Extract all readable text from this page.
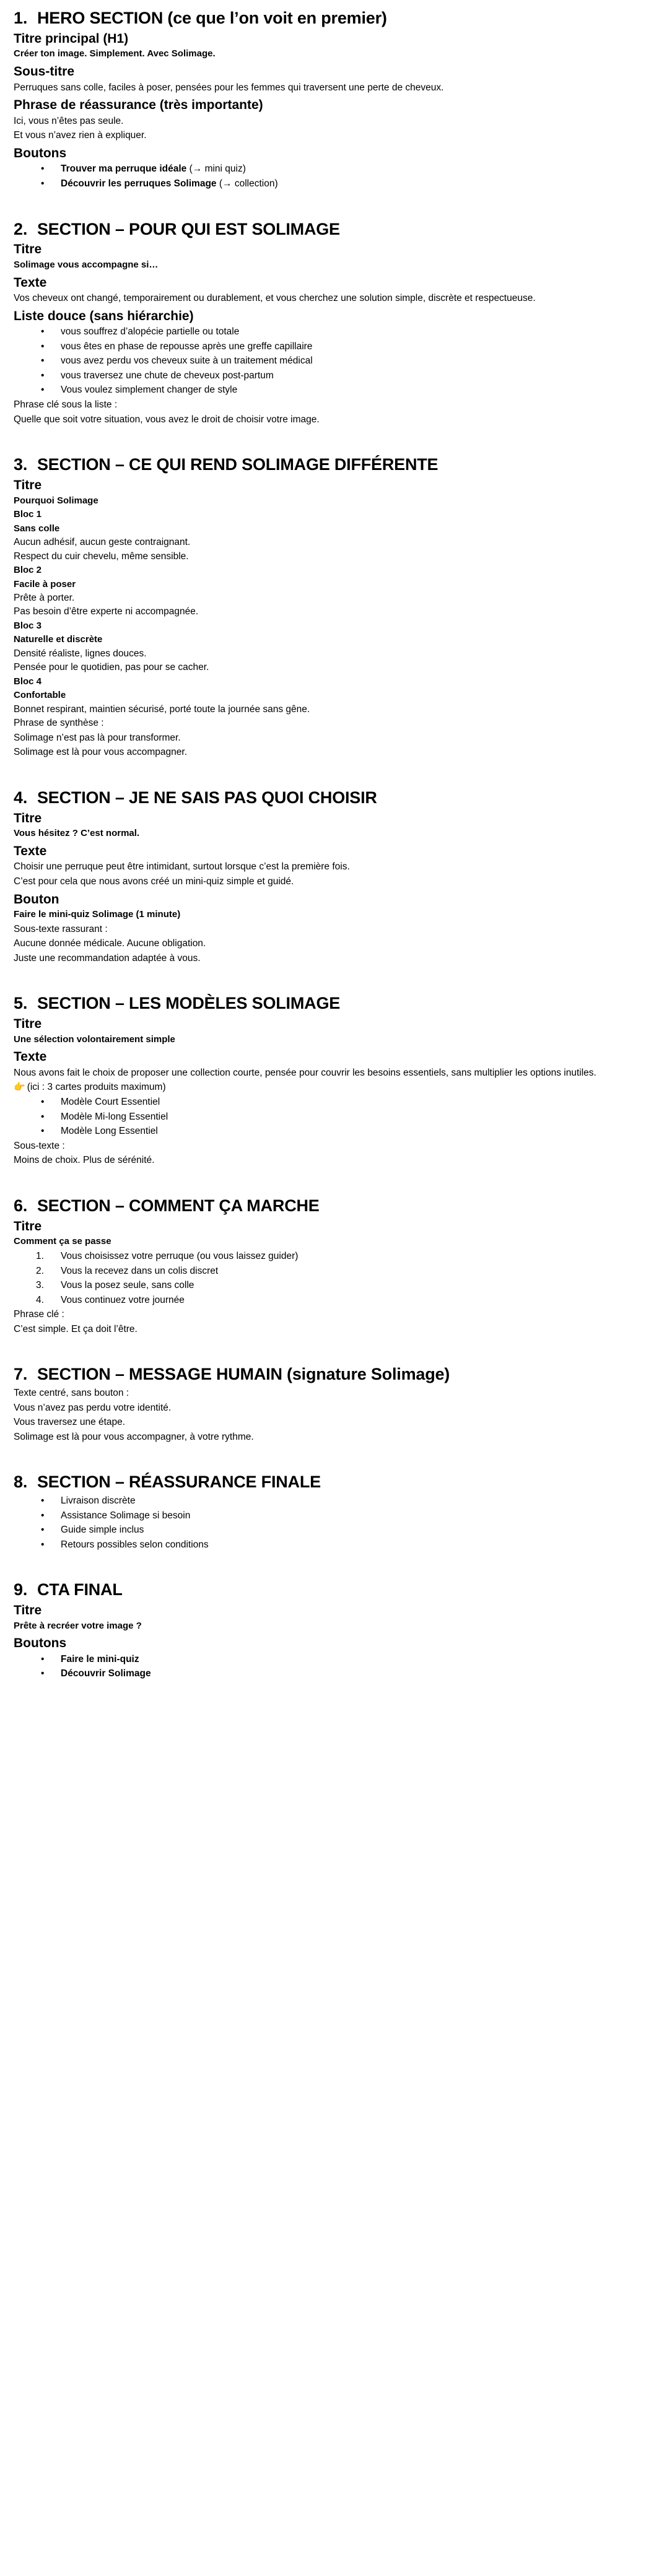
1. HERO SECTION (ce que l’on voit en premier)
Titre principal (H1)
Créer ton image. Simplement. Avec Solimage.
Sous-titre

Perruques sans colle, faciles à poser, pensées pour les femmes qui traversent une perte de cheveux.

Phrase de réassurance (très importante)

Ici, vous n’êtes pas seule.

Et vous n’avez rien à expliquer.

Boutons
•	Trouver ma perruque idéale (→ mini quiz)
•	Découvrir les perruques Solimage (→ collection)
2. SECTION – POUR QUI EST SOLIMAGE
Titre
Solimage vous accompagne si…
Texte

Vos cheveux ont changé, temporairement ou durablement, et vous cherchez une solution simple, discrète et respectueuse.

Liste douce (sans hiérarchie)
•	vous souffrez d’alopécie partielle ou totale
•	vous êtes en phase de repousse après une greffe capillaire
•	vous avez perdu vos cheveux suite à un traitement médical
•	vous traversez une chute de cheveux post-partum
•	Vous voulez simplement changer de style

Phrase clé sous la liste :

Quelle que soit votre situation, vous avez le droit de choisir votre image.

3. SECTION – CE QUI REND SOLIMAGE DIFFÉRENTE
Titre
Pourquoi Solimage
Bloc 1
Sans colle

Aucun adhésif, aucun geste contraignant.

Respect du cuir chevelu, même sensible.

Bloc 2
Facile à poser

Prête à porter.

Pas besoin d’être experte ni accompagnée.

Bloc 3
Naturelle et discrète

Densité réaliste, lignes douces.

Pensée pour le quotidien, pas pour se cacher.

Bloc 4
Confortable

Bonnet respirant, maintien sécurisé, porté toute la journée sans gêne.

Phrase de synthèse :

Solimage n’est pas là pour transformer.

Solimage est là pour vous accompagner.

4. SECTION – JE NE SAIS PAS QUOI CHOISIR
Titre
Vous hésitez ? C’est normal.
Texte

Choisir une perruque peut être intimidant, surtout lorsque c’est la première fois.

C’est pour cela que nous avons créé un mini-quiz simple et guidé.

Bouton
Faire le mini-quiz Solimage (1 minute)

Sous-texte rassurant :

Aucune donnée médicale. Aucune obligation.

Juste une recommandation adaptée à vous.

5. SECTION – LES MODÈLES SOLIMAGE
Titre
Une sélection volontairement simple
Texte

Nous avons fait le choix de proposer une collection courte, pensée pour couvrir les besoins essentiels, sans multiplier les options inutiles.

👉 (ici : 3 cartes produits maximum)
•	Modèle Court Essentiel
•	Modèle Mi-long Essentiel
•	Modèle Long Essentiel

Sous-texte :

Moins de choix. Plus de sérénité.

6. SECTION – COMMENT ÇA MARCHE
Titre
Comment ça se passe
1.	Vous choisissez votre perruque (ou vous laissez guider)
2.	Vous la recevez dans un colis discret
3.	Vous la posez seule, sans colle
4.	Vous continuez votre journée

Phrase clé :

C’est simple. Et ça doit l’être.

7. SECTION – MESSAGE HUMAIN (signature Solimage)

Texte centré, sans bouton :

Vous n’avez pas perdu votre identité.

Vous traversez une étape.

Solimage est là pour vous accompagner, à votre rythme.

8. SECTION – RÉASSURANCE FINALE
•	Livraison discrète
•	Assistance Solimage si besoin
•	Guide simple inclus
•	Retours possibles selon conditions
9. CTA FINAL
Titre
Prête à recréer votre image ?
Boutons
•	Faire le mini-quiz
•	Découvrir Solimage
